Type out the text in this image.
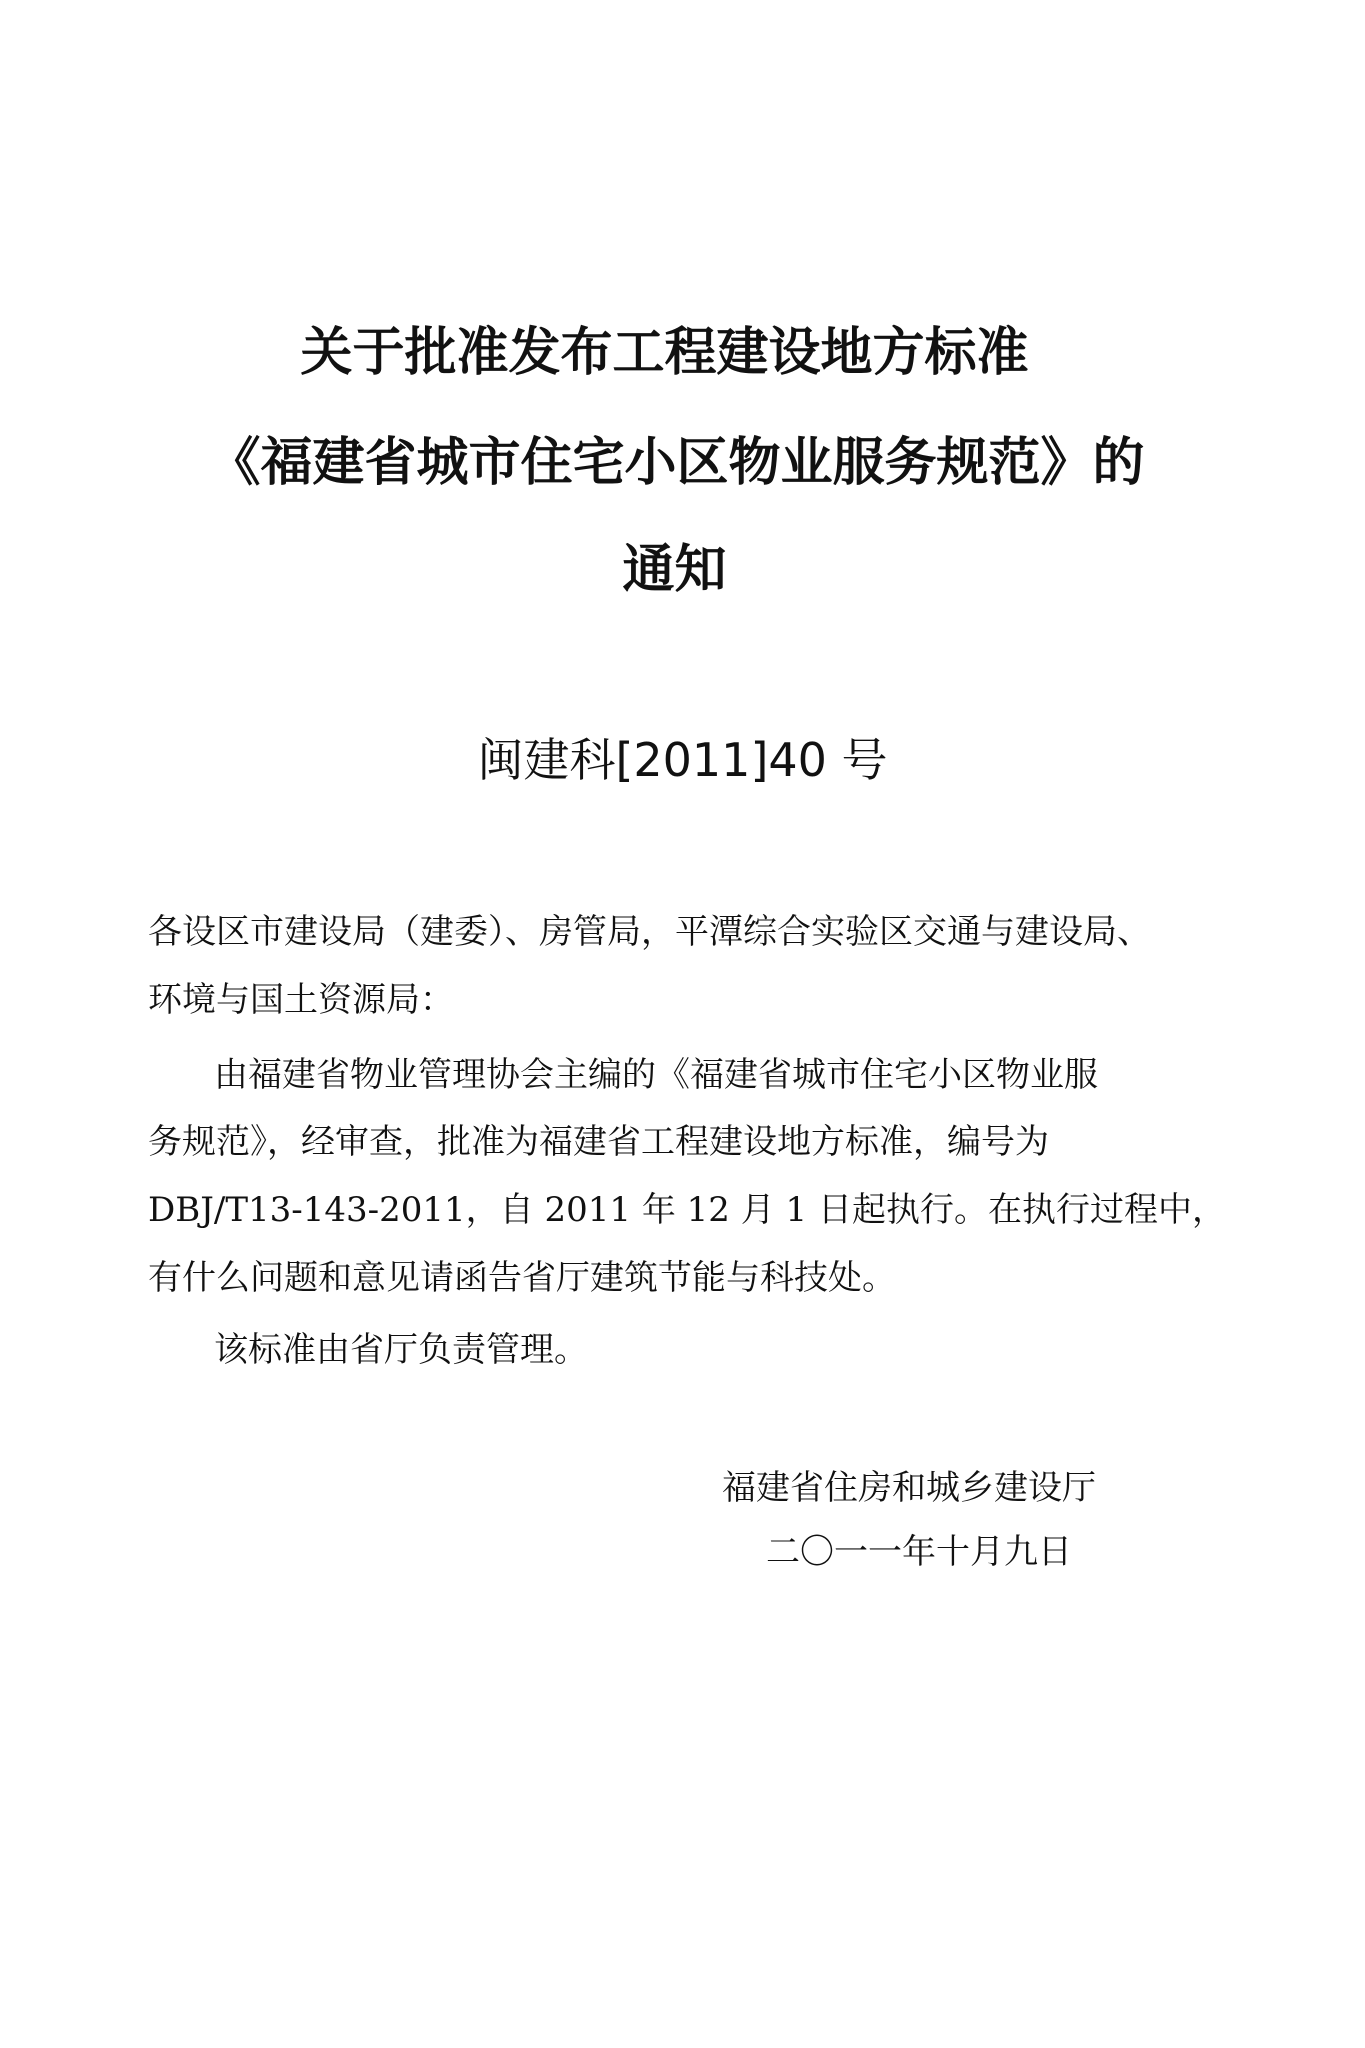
关于批准发布工程建设地方标准
《福建省城市住宅小区物业服务规范》的
通知
闽建科[2011]40 号
各设区市建设局（建委）、房管局，平潭综合实验区交通与建设局、
环境与国土资源局：
由福建省物业管理协会主编的《福建省城市住宅小区物业服
务规范》，经审查，批准为福建省工程建设地方标准，编号为
DBJ/T13-143-2011，自 2011 年 12 月 1 日起执行。在执行过程中，
有什么问题和意见请函告省厅建筑节能与科技处。
该标准由省厅负责管理。
福建省住房和城乡建设厅
二〇一一年十月九日
